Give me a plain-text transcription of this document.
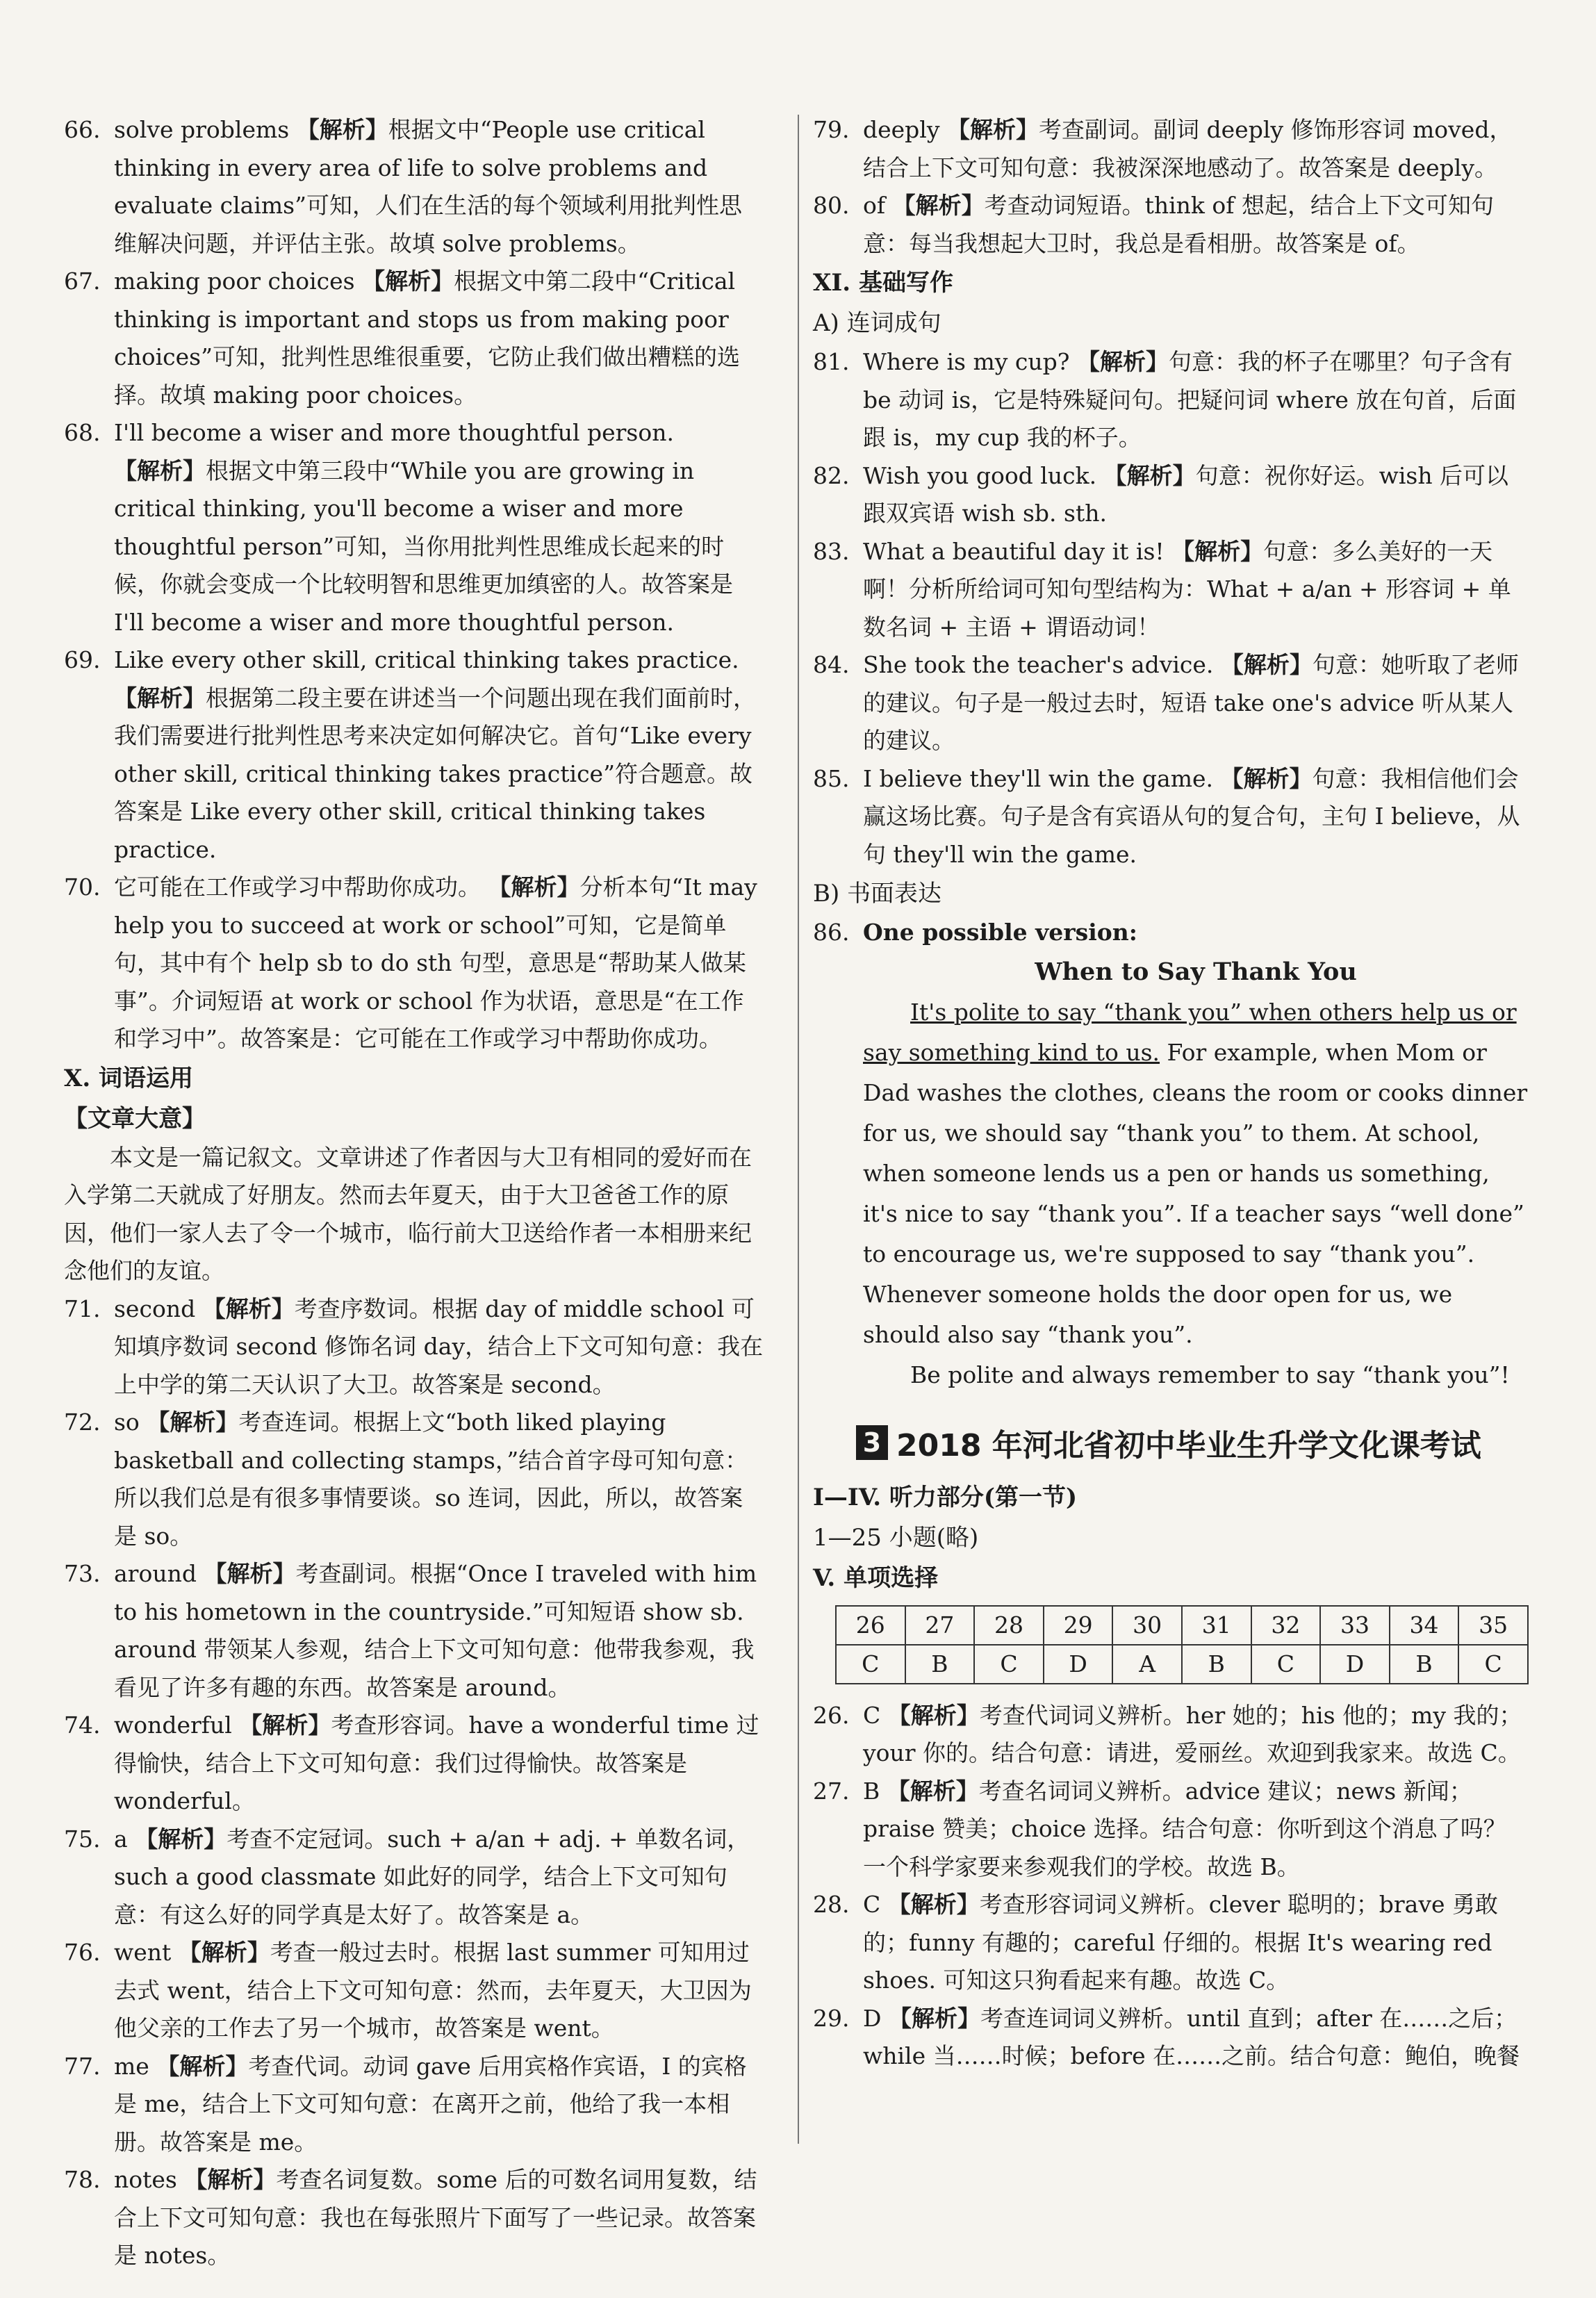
66. solve problems 【解析】根据文中“People use critical thinking in every area of life to solve problems and evaluate claims”可知，人们在生活的每个领域利用批判性思维解决问题，并评估主张。故填 solve problems。

67. making poor choices 【解析】根据文中第二段中“Critical thinking is important and stops us from making poor choices”可知，批判性思维很重要，它防止我们做出糟糕的选择。故填 making poor choices。

68. I'll become a wiser and more thoughtful person. 【解析】根据文中第三段中“While you are growing in critical thinking, you'll become a wiser and more thoughtful person”可知，当你用批判性思维成长起来的时候，你就会变成一个比较明智和思维更加缜密的人。故答案是 I'll become a wiser and more thoughtful person.

69. Like every other skill, critical thinking takes practice. 【解析】根据第二段主要在讲述当一个问题出现在我们面前时，我们需要进行批判性思考来决定如何解决它。首句“Like every other skill, critical thinking takes practice”符合题意。故答案是 Like every other skill, critical thinking takes practice.

70. 它可能在工作或学习中帮助你成功。 【解析】分析本句“It may help you to succeed at work or school”可知，它是简单句，其中有个 help sb to do sth 句型，意思是“帮助某人做某事”。介词短语 at work or school 作为状语，意思是“在工作和学习中”。故答案是：它可能在工作或学习中帮助你成功。

X. 词语运用

【文章大意】

本文是一篇记叙文。文章讲述了作者因与大卫有相同的爱好而在入学第二天就成了好朋友。然而去年夏天，由于大卫爸爸工作的原因，他们一家人去了令一个城市，临行前大卫送给作者一本相册来纪念他们的友谊。

71. second 【解析】考查序数词。根据 day of middle school 可知填序数词 second 修饰名词 day，结合上下文可知句意：我在上中学的第二天认识了大卫。故答案是 second。

72. so 【解析】考查连词。根据上文“both liked playing basketball and collecting stamps，”结合首字母可知句意：所以我们总是有很多事情要谈。so 连词，因此，所以，故答案是 so。

73. around 【解析】考查副词。根据“Once I traveled with him to his hometown in the countryside.”可知短语 show sb. around 带领某人参观，结合上下文可知句意：他带我参观，我看见了许多有趣的东西。故答案是 around。

74. wonderful 【解析】考查形容词。have a wonderful time 过得愉快，结合上下文可知句意：我们过得愉快。故答案是 wonderful。

75. a 【解析】考查不定冠词。such + a/an + adj. + 单数名词，such a good classmate 如此好的同学，结合上下文可知句意：有这么好的同学真是太好了。故答案是 a。

76. went 【解析】考查一般过去时。根据 last summer 可知用过去式 went，结合上下文可知句意：然而，去年夏天，大卫因为他父亲的工作去了另一个城市，故答案是 went。

77. me 【解析】考查代词。动词 gave 后用宾格作宾语，I 的宾格是 me，结合上下文可知句意：在离开之前，他给了我一本相册。故答案是 me。

78. notes 【解析】考查名词复数。some 后的可数名词用复数，结合上下文可知句意：我也在每张照片下面写了一些记录。故答案是 notes。

79. deeply 【解析】考查副词。副词 deeply 修饰形容词 moved，结合上下文可知句意：我被深深地感动了。故答案是 deeply。

80. of 【解析】考查动词短语。think of 想起，结合上下文可知句意：每当我想起大卫时，我总是看相册。故答案是 of。

XI. 基础写作

A) 连词成句

81. Where is my cup? 【解析】句意：我的杯子在哪里？句子含有 be 动词 is，它是特殊疑问句。把疑问词 where 放在句首，后面跟 is，my cup 我的杯子。

82. Wish you good luck. 【解析】句意：祝你好运。wish 后可以跟双宾语 wish sb. sth.

83. What a beautiful day it is! 【解析】句意：多么美好的一天啊！分析所给词可知句型结构为：What + a/an + 形容词 + 单数名词 + 主语 + 谓语动词！

84. She took the teacher's advice. 【解析】句意：她听取了老师的建议。句子是一般过去时，短语 take one's advice 听从某人的建议。

85. I believe they'll win the game. 【解析】句意：我相信他们会赢这场比赛。句子是含有宾语从句的复合句，主句 I believe，从句 they'll win the game.

B) 书面表达

86. One possible version:

When to Say Thank You

It's polite to say “thank you” when others help us or say something kind to us. For example, when Mom or Dad washes the clothes, cleans the room or cooks dinner for us, we should say “thank you” to them. At school, when someone lends us a pen or hands us something, it's nice to say “thank you”. If a teacher says “well done” to encourage us, we're supposed to say “thank you”. Whenever someone holds the door open for us, we should also say “thank you”.

Be polite and always remember to say “thank you”!

3 2018 年河北省初中毕业生升学文化课考试

I—IV. 听力部分(第一节)

1—25 小题(略)

V. 单项选择

26	27	28	29	30	31	32	33	34	35
C	B	C	D	A	B	C	D	B	C

26. C 【解析】考查代词词义辨析。her 她的；his 他的；my 我的；your 你的。结合句意：请进，爱丽丝。欢迎到我家来。故选 C。

27. B 【解析】考查名词词义辨析。advice 建议；news 新闻；praise 赞美；choice 选择。结合句意：你听到这个消息了吗？一个科学家要来参观我们的学校。故选 B。

28. C 【解析】考查形容词词义辨析。clever 聪明的；brave 勇敢的；funny 有趣的；careful 仔细的。根据 It's wearing red shoes. 可知这只狗看起来有趣。故选 C。

29. D 【解析】考查连词词义辨析。until 直到；after 在……之后；while 当……时候；before 在……之前。结合句意：鲍伯，晚餐
